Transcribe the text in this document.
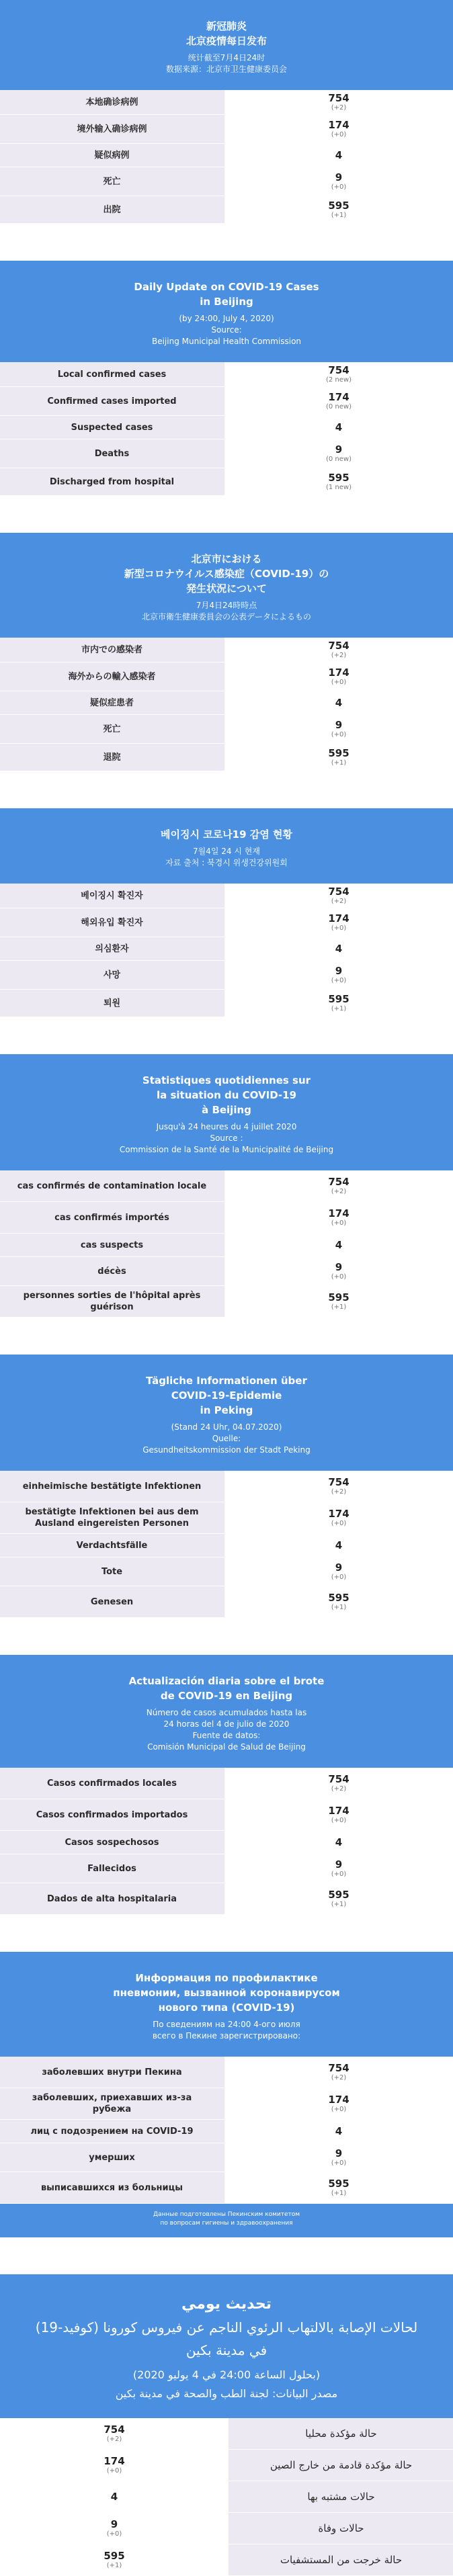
新冠肺炎

北京疫情每日发布

统计截至7月4日24时

数据来源：北京市卫生健康委员会

本地确诊病例	754
(+2)
境外输入确诊病例	174
(+0)
疑似病例	4
死亡	9
(+0)
出院	595
(+1)

Daily Update on COVID-19 Cases

in Beijing

(by 24:00, July 4, 2020)

Source:

Beijing Municipal Health Commission

Local confirmed cases	754
(2 new)
Confirmed cases imported	174
(0 new)
Suspected cases	4
Deaths	9
(0 new)
Discharged from hospital	595
(1 new)

北京市における

新型コロナウイルス感染症（COVID-19）の

発生状況について

7月4日24時時点

北京市衛生健康委員会の公表データによるもの

市内での感染者	754
(+2)
海外からの輸入感染者	174
(+0)
疑似症患者	4
死亡	9
(+0)
退院	595
(+1)

베이징시 코로나19 감염 현황

7월4일 24 시 현재

자료 출처 : 북경시 위생건강위원회

베이징시 확진자	754
(+2)
해외유입 확진자	174
(+0)
의심환자	4
사망	9
(+0)
퇴원	595
(+1)

Statistiques quotidiennes sur

la situation du COVID-19

à Beijing

Jusqu'à 24 heures du 4 juillet 2020

Source :

Commission de la Santé de la Municipalité de Beijing

cas confirmés de contamination locale	754
(+2)
cas confirmés importés	174
(+0)
cas suspects	4
décès	9
(+0)
personnes sorties de l'hôpital après guérison
595
(+1)

Tägliche Informationen über

COVID-19-Epidemie

in Peking

(Stand 24 Uhr, 04.07.2020)

Quelle:

Gesundheitskommission der Stadt Peking

einheimische bestätigte Infektionen	754
(+2)
bestätigte Infektionen bei aus dem Ausland eingereisten Personen
174
(+0)
Verdachtsfälle	4
Tote	9
(+0)
Genesen	595
(+1)

Actualización diaria sobre el brote

de COVID-19 en Beijing

Número de casos acumulados hasta las

24 horas del 4 de julio de 2020

Fuente de datos:

Comisión Municipal de Salud de Beijing

Casos confirmados locales	754
(+2)
Casos confirmados importados	174
(+0)
Casos sospechosos	4
Fallecidos	9
(+0)
Dados de alta hospitalaria	595
(+1)

Информация по профилактике

пневмонии, вызванной коронавирусом

нового типа (COVID-19)

По сведениям на 24:00 4-ого июля

всего в Пекине зарегистрировано:

заболевших внутри Пекина	754
(+2)
заболевших, приехавших из-за рубежа
174
(+0)
лиц с подозрением на COVID-19	4
умерших	9
(+0)
выписавшихся из больницы	595
(+1)
Данные подготовлены Пекинским комитетом
по вопросам гигиены и здравоохранения

تحديث يومي

لحالات الإصابة بالالتهاب الرئوي الناجم عن فيروس كورونا (كوفيد-19)

في مدينة بكين

(بحلول الساعة 24:00 في 4 يوليو 2020)

مصدر البيانات: لجنة الطب والصحة في مدينة بكين

754
(+2)	حالة مؤكدة محليا
174
(+0)	حالة مؤكدة قادمة من خارج الصين
4	حالات مشتبه بها
9
(+0)	حالات وفاة
595
(+1)	حالة خرجت من المستشفيات
